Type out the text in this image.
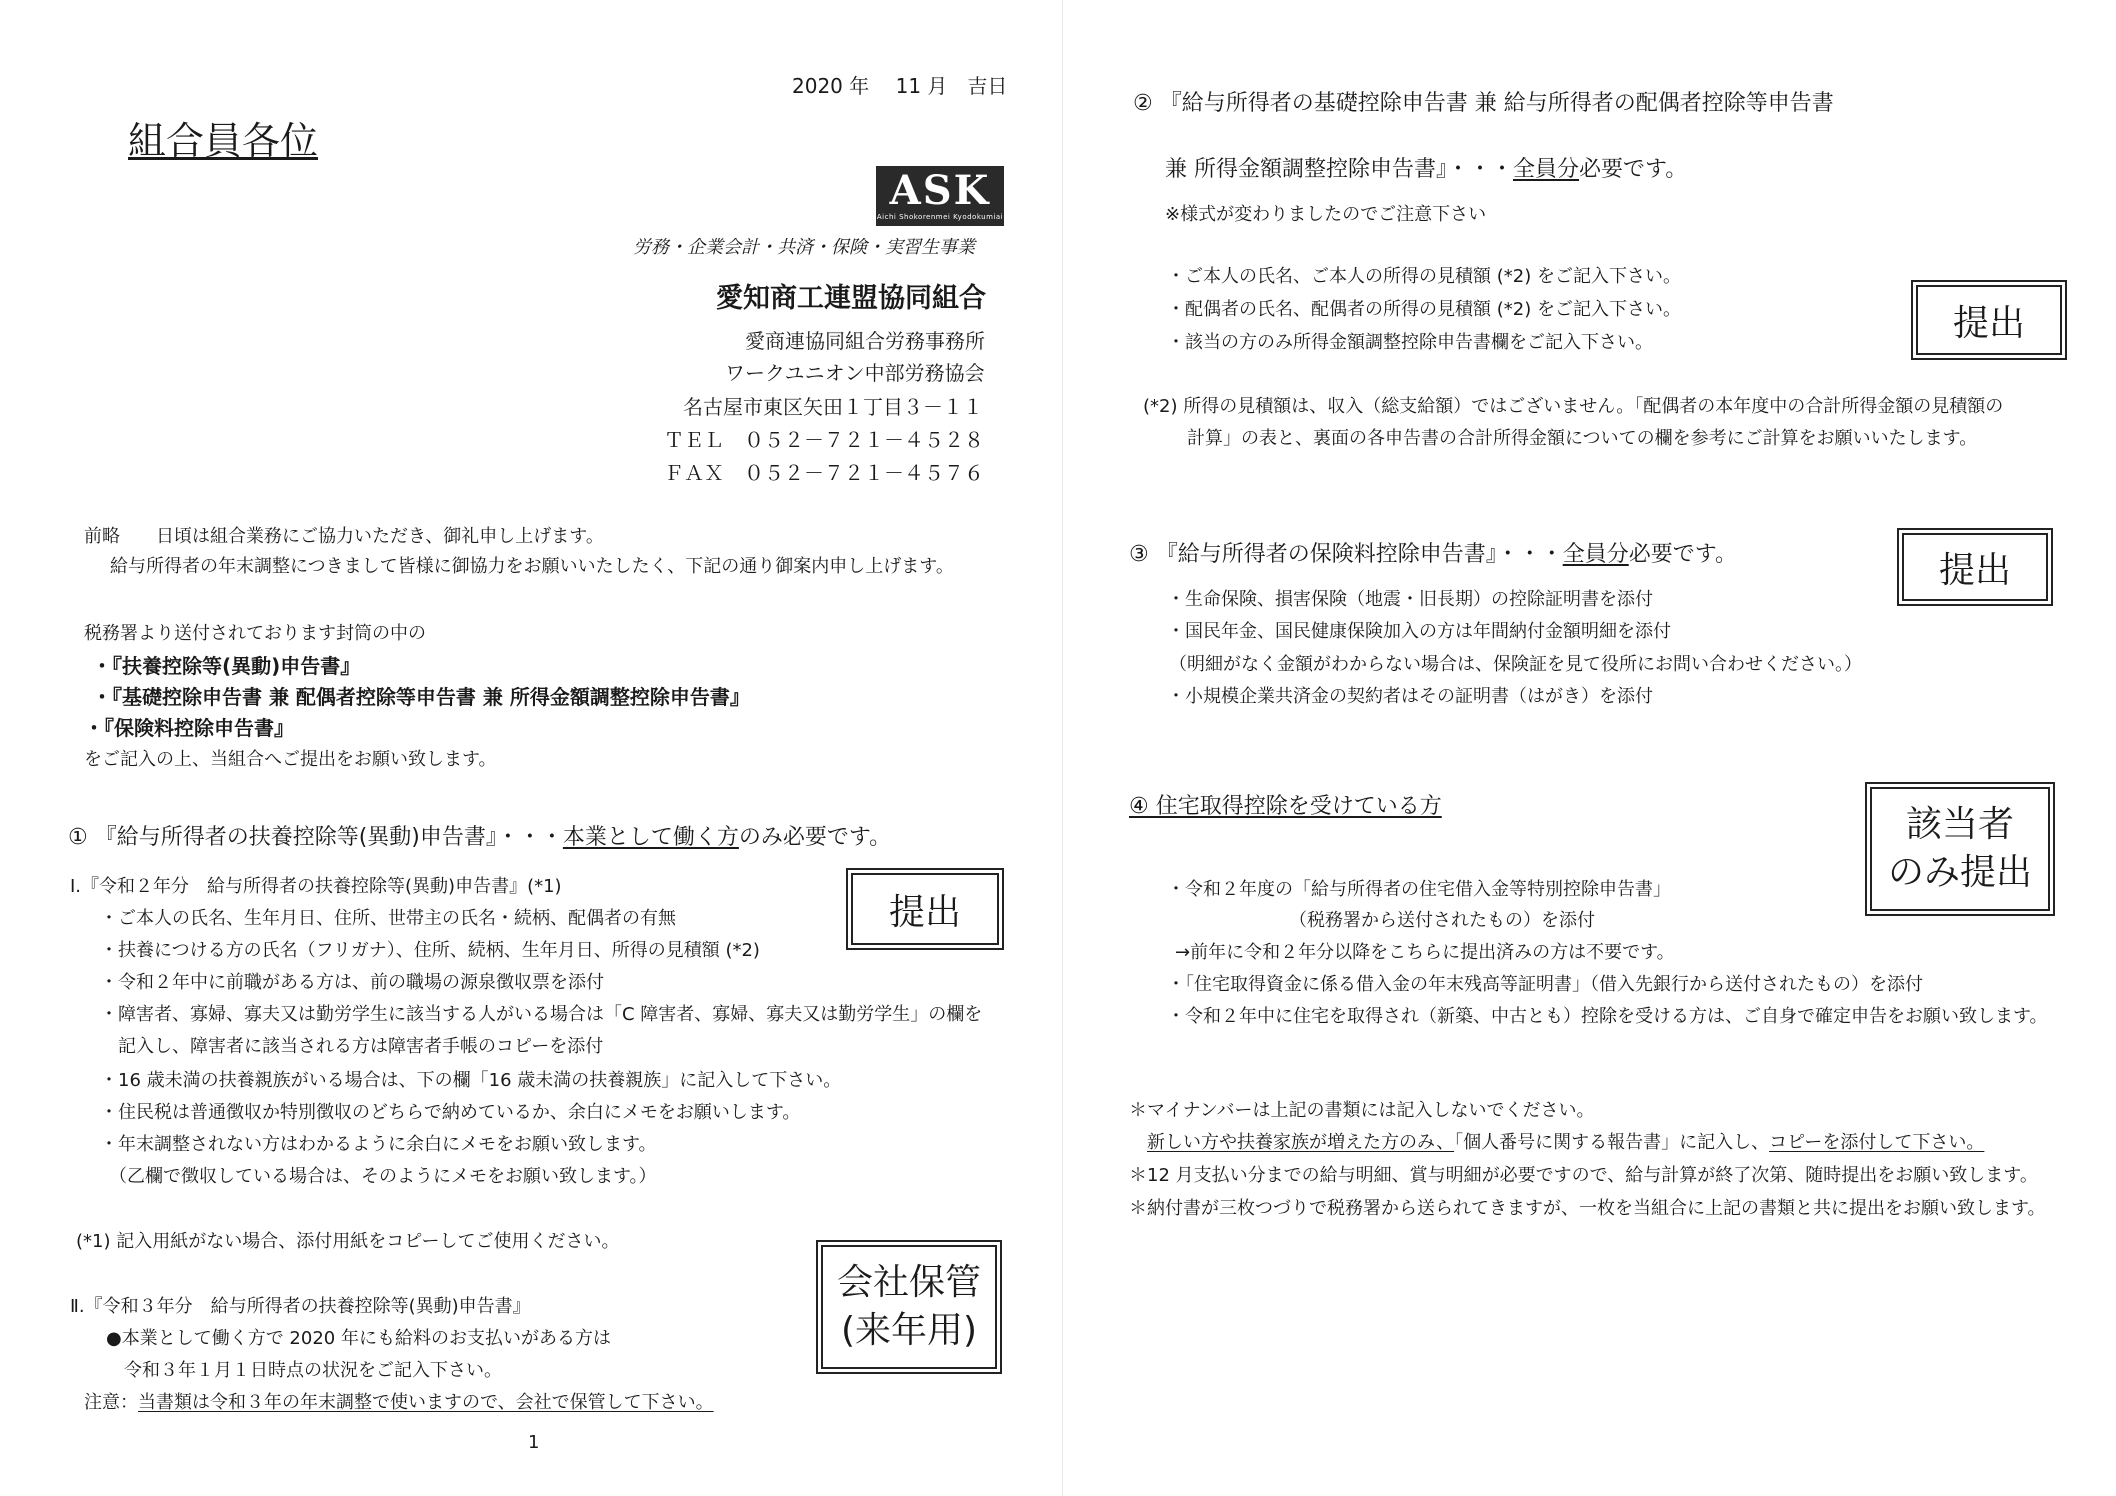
2020 年　 11 月　吉日
組合員各位
ASK
Aichi Shokorenmei Kyodokumiai
労務・企業会計・共済・保険・実習生事業
愛知商工連盟協同組合
愛商連協同組合労務事務所
ワークユニオン中部労務協会
名古屋市東区矢田１丁目３－１１
ＴＥＬ　０５２－７２１－４５２８
ＦＡＸ　０５２－７２１－４５７６
前略　　日頃は組合業務にご協力いただき、御礼申し上げます。
給与所得者の年末調整につきまして皆様に御協力をお願いいたしたく、下記の通り御案内申し上げます。
税務署より送付されております封筒の中の
・『扶養控除等(異動)申告書』
・『基礎控除申告書 兼 配偶者控除等申告書 兼 所得金額調整控除申告書』
・『保険料控除申告書』
をご記入の上、当組合へご提出をお願い致します。
① 『給与所得者の扶養控除等(異動)申告書』・・・本業として働く方のみ必要です。
Ⅰ.『令和２年分　給与所得者の扶養控除等(異動)申告書』(*1)
・ご本人の氏名、生年月日、住所、世帯主の氏名・続柄、配偶者の有無
・扶養につける方の氏名（フリガナ）、住所、続柄、生年月日、所得の見積額 (*2)
・令和２年中に前職がある方は、前の職場の源泉徴収票を添付
・障害者、寡婦、寡夫又は勤労学生に該当する人がいる場合は「C 障害者、寡婦、寡夫又は勤労学生」の欄を
　記入し、障害者に該当される方は障害者手帳のコピーを添付
・16 歳未満の扶養親族がいる場合は、下の欄「16 歳未満の扶養親族」に記入して下さい。
・住民税は普通徴収か特別徴収のどちらで納めているか、余白にメモをお願いします。
・年末調整されない方はわかるように余白にメモをお願い致します。
　（乙欄で徴収している場合は、そのようにメモをお願い致します。）
提出
(*1) 記入用紙がない場合、添付用紙をコピーしてご使用ください。
会社保管
(来年用)
Ⅱ.『令和３年分　給与所得者の扶養控除等(異動)申告書』
●本業として働く方で 2020 年にも給料のお支払いがある方は
令和３年１月１日時点の状況をご記入下さい。
注意：当書類は令和３年の年末調整で使いますので、会社で保管して下さい。
1
② 『給与所得者の基礎控除申告書 兼 給与所得者の配偶者控除等申告書
兼 所得金額調整控除申告書』・・・全員分必要です。
※様式が変わりましたのでご注意下さい
・ご本人の氏名、ご本人の所得の見積額 (*2) をご記入下さい。
・配偶者の氏名、配偶者の所得の見積額 (*2) をご記入下さい。
・該当の方のみ所得金額調整控除申告書欄をご記入下さい。	提出
(*2) 所得の見積額は、収入（総支給額）ではございません。「配偶者の本年度中の合計所得金額の見積額の
計算」の表と、裏面の各申告書の合計所得金額についての欄を参考にご計算をお願いいたします。
③ 『給与所得者の保険料控除申告書』・・・全員分必要です。	提出
・生命保険、損害保険（地震・旧長期）の控除証明書を添付
・国民年金、国民健康保険加入の方は年間納付金額明細を添付
（明細がなく金額がわからない場合は、保険証を見て役所にお問い合わせください。）
・小規模企業共済金の契約者はその証明書（はがき）を添付
④ 住宅取得控除を受けている方	該当者
のみ提出
・令和２年度の「給与所得者の住宅借入金等特別控除申告書」
（税務署から送付されたもの）を添付
→前年に令和２年分以降をこちらに提出済みの方は不要です。
・「住宅取得資金に係る借入金の年末残高等証明書」（借入先銀行から送付されたもの）を添付
・令和２年中に住宅を取得され（新築、中古とも）控除を受ける方は、ご自身で確定申告をお願い致します。
＊マイナンバーは上記の書類には記入しないでください。
新しい方や扶養家族が増えた方のみ、「個人番号に関する報告書」に記入し、コピーを添付して下さい。
＊12 月支払い分までの給与明細、賞与明細が必要ですので、給与計算が終了次第、随時提出をお願い致します。
＊納付書が三枚つづりで税務署から送られてきますが、一枚を当組合に上記の書類と共に提出をお願い致します。
